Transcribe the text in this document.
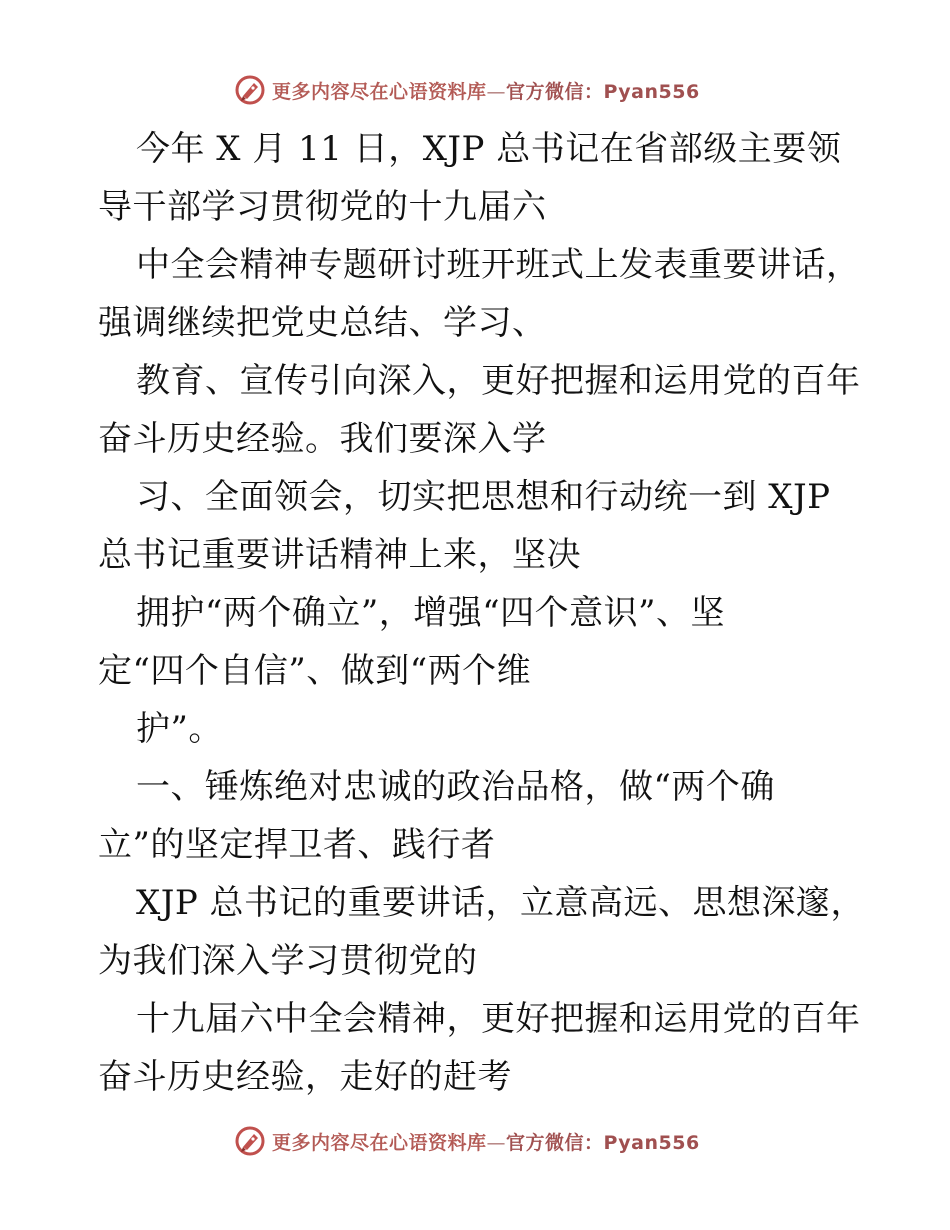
更多内容尽在心语资料库—官方微信：Pyan556
今年 X 月 11 日，XJP 总书记在省部级主要领
导干部学习贯彻党的十九届六
中全会精神专题研讨班开班式上发表重要讲话，
强调继续把党史总结、学习、
教育、宣传引向深入，更好把握和运用党的百年
奋斗历史经验。我们要深入学
习、全面领会，切实把思想和行动统一到 XJP
总书记重要讲话精神上来，坚决
拥护“两个确立”，增强“四个意识”、坚
定“四个自信”、做到“两个维
护”。
一、锤炼绝对忠诚的政治品格，做“两个确
立”的坚定捍卫者、践行者
XJP 总书记的重要讲话，立意高远、思想深邃，
为我们深入学习贯彻党的
十九届六中全会精神，更好把握和运用党的百年
奋斗历史经验，走好的赶考
更多内容尽在心语资料库—官方微信：Pyan556
